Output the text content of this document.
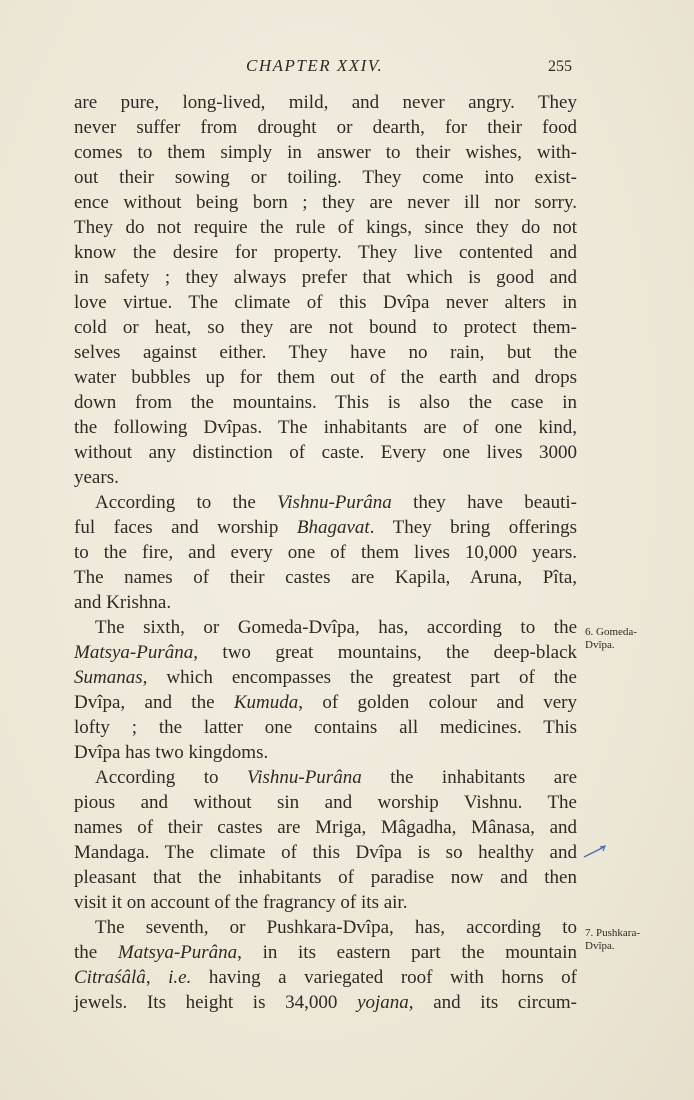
CHAPTER XXIV.	255
are pure, long-lived, mild, and never angry. They
never suffer from drought or dearth, for their food
comes to them simply in answer to their wishes, with-
out their sowing or toiling. They come into exist-
ence without being born ; they are never ill nor sorry.
They do not require the rule of kings, since they do not
know the desire for property. They live contented and
in safety ; they always prefer that which is good and
love virtue. The climate of this Dvîpa never alters in
cold or heat, so they are not bound to protect them-
selves against either. They have no rain, but the
water bubbles up for them out of the earth and drops
down from the mountains. This is also the case in
the following Dvîpas. The inhabitants are of one kind,
without any distinction of caste. Every one lives 3000
years.
According to the Vishnu-Purâna they have beauti-
ful faces and worship Bhagavat. They bring offerings
to the fire, and every one of them lives 10,000 years.
The names of their castes are Kapila, Aruna, Pîta,
and Krishna.
The sixth, or Gomeda-Dvîpa, has, according to the
Matsya-Purâna, two great mountains, the deep-black
Sumanas, which encompasses the greatest part of the
Dvîpa, and the Kumuda, of golden colour and very
lofty ; the latter one contains all medicines. This
Dvîpa has two kingdoms.
According to Vishnu-Purâna the inhabitants are
pious and without sin and worship Vishnu. The
names of their castes are Mriga, Mâgadha, Mânasa, and
Mandaga. The climate of this Dvîpa is so healthy and
pleasant that the inhabitants of paradise now and then
visit it on account of the fragrancy of its air.
The seventh, or Pushkara-Dvîpa, has, according to
the Matsya-Purâna, in its eastern part the mountain
Citraśâlâ, i.e. having a variegated roof with horns of
jewels. Its height is 34,000 yojana, and its circum-
6. Gomeda-
Dvîpa.
7. Pushkara-
Dvîpa.
